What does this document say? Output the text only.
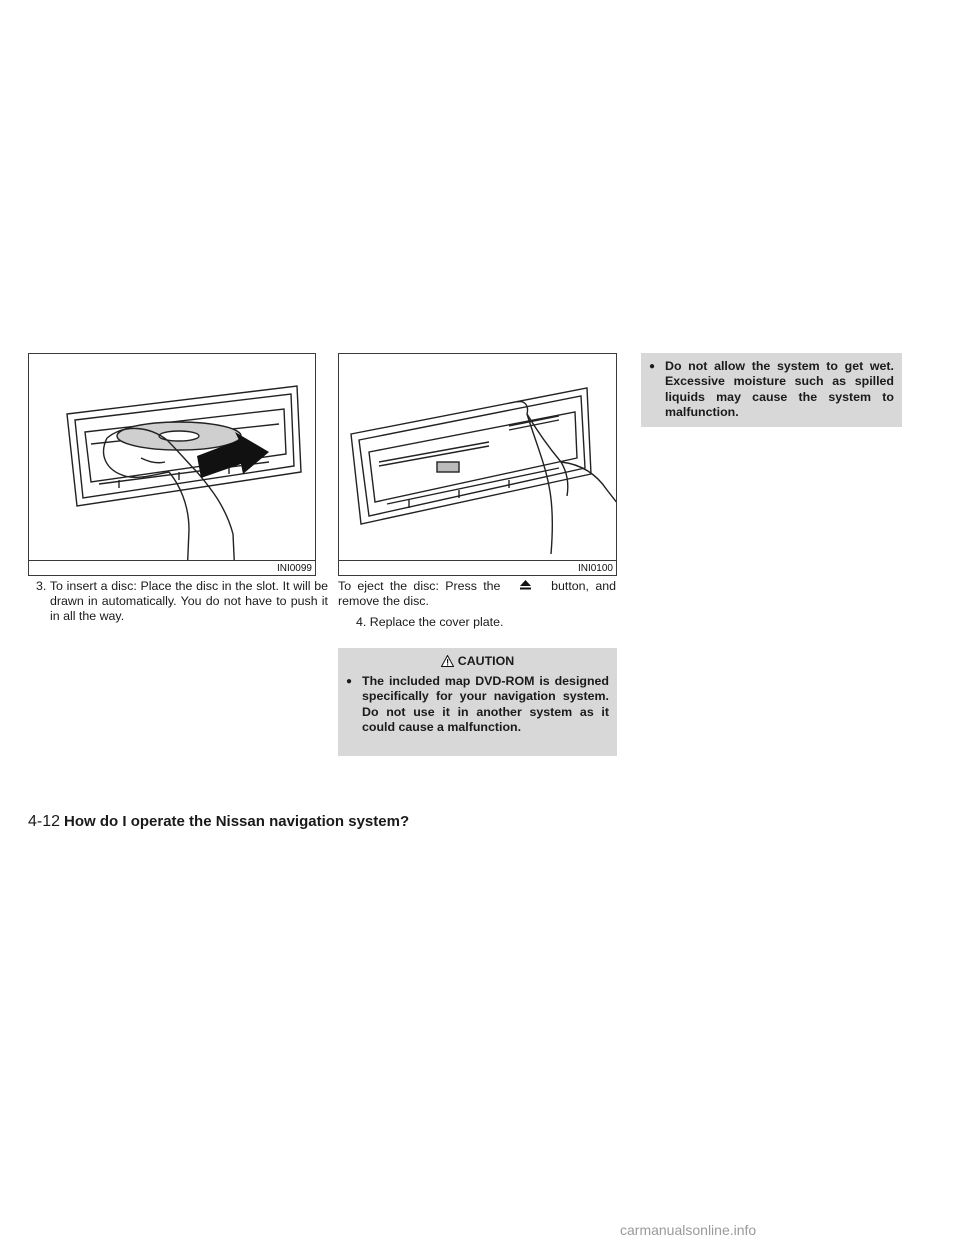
INI0099	INI0100
3. To insert a disc: Place the disc in the slot. It will be drawn in automatically. You do not have to push it in all the way.
To eject the disc: Press the	button, and remove the disc.
4. Replace the cover plate.
CAUTION
● The included map DVD-ROM is designed specifically for your navigation system. Do not use it in another system as it could cause a malfunction.
● Do not allow the system to get wet. Excessive moisture such as spilled liquids may cause the system to malfunction.
4-12 How do I operate the Nissan navigation system?
carmanualsonline.info
